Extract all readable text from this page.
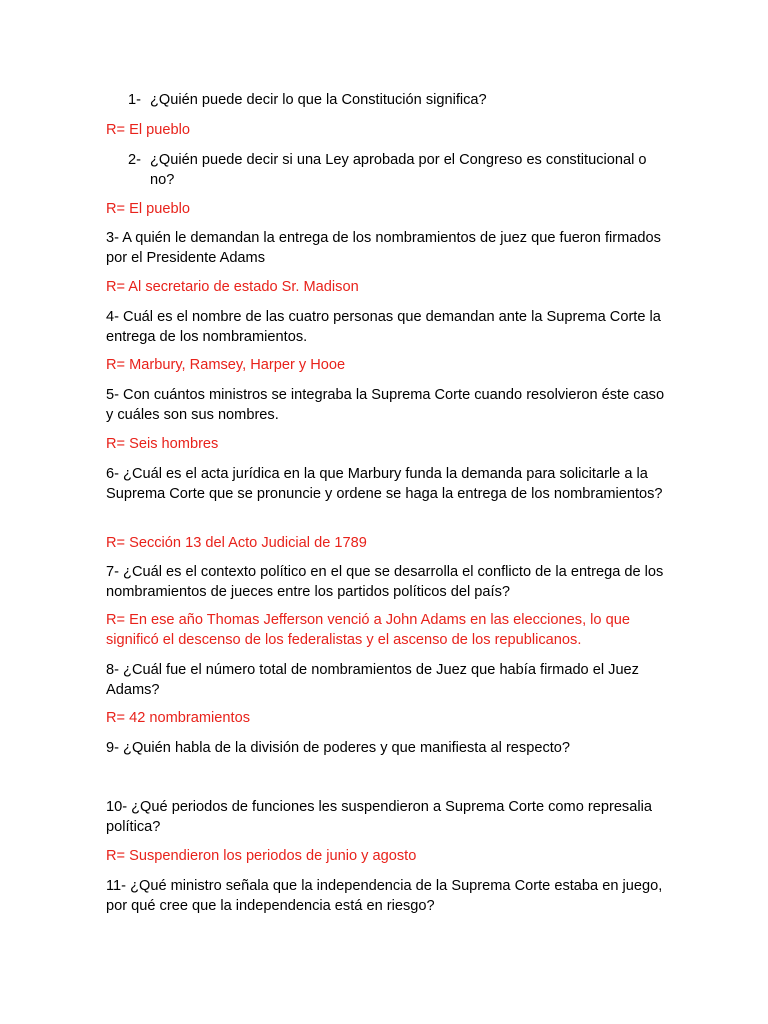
1- ¿Quién puede decir lo que la Constitución significa?

R= El pueblo

2- ¿Quién puede decir si una Ley aprobada por el Congreso es constitucional o no?

R= El pueblo

3- A quién le demandan la entrega de los nombramientos de juez que fueron firmados por el Presidente Adams

R= Al secretario de estado Sr. Madison

4- Cuál es el nombre de las cuatro personas que demandan ante la Suprema Corte la entrega de los nombramientos.

R= Marbury, Ramsey, Harper y Hooe

5- Con cuántos ministros se integraba la Suprema Corte cuando resolvieron éste caso y cuáles son sus nombres.

R= Seis hombres

6- ¿Cuál es el acta jurídica en la que Marbury funda la demanda para solicitarle a la Suprema Corte que se pronuncie y ordene se haga la entrega de los nombramientos?

R= Sección 13 del Acto Judicial de 1789

7- ¿Cuál es el contexto político en el que se desarrolla el conflicto de la entrega de los nombramientos de jueces entre los partidos políticos del país?

R= En ese año Thomas Jefferson venció a John Adams en las elecciones, lo que significó el descenso de los federalistas y el ascenso de los republicanos.

8- ¿Cuál fue el número total de nombramientos de Juez que había firmado el Juez Adams?

R= 42 nombramientos

9- ¿Quién habla de la división de poderes y que manifiesta al respecto?

10- ¿Qué periodos de funciones les suspendieron a Suprema Corte como represalia política?

R= Suspendieron los periodos de junio y agosto

11- ¿Qué ministro señala que la independencia de la Suprema Corte estaba en juego, por qué cree que la independencia está en riesgo?
